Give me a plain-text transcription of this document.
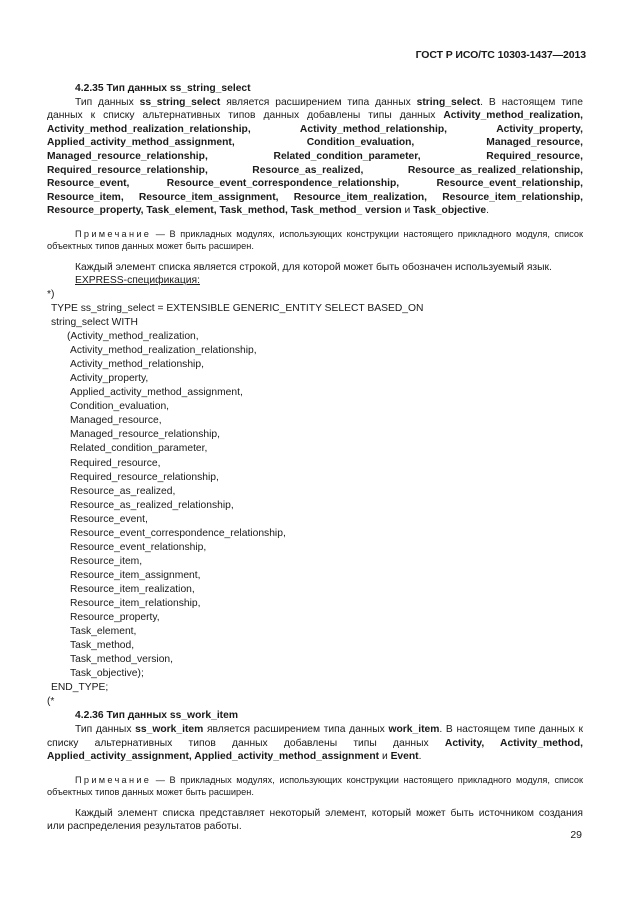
ГОСТ Р ИСО/ТС 10303-1437—2013

4.2.35 Тип данных ss_string_select

Тип данных ss_string_select является расширением типа данных string_select. В настоящем типе данных к списку альтернативных типов данных добавлены типы данных Activity_method_realization, Activity_method_realization_relationship, Activity_method_relationship, Activity_property, Applied_activity_method_assignment, Condition_evaluation, Managed_resource, Managed_resource_relationship, Related_condition_parameter, Required_resource, Required_resource_relationship, Resource_as_realized, Resource_as_realized_relationship, Resource_event, Resource_event_correspondence_relationship, Resource_event_relationship, Resource_item, Resource_item_assignment, Resource_item_realization, Resource_item_relationship, Resource_property, Task_element, Task_method, Task_method_ version и Task_objective.

Примечание — В прикладных модулях, использующих конструкции настоящего прикладного модуля, список объектных типов данных может быть расширен.

Каждый элемент списка является строкой, для которой может быть обозначен используемый язык.

EXPRESS-спецификация:

*)
TYPE ss_string_select = EXTENSIBLE GENERIC_ENTITY SELECT BASED_ON
string_select WITH
(Activity_method_realization,
Activity_method_realization_relationship,
Activity_method_relationship,
Activity_property,
Applied_activity_method_assignment,
Condition_evaluation,
Managed_resource,
Managed_resource_relationship,
Related_condition_parameter,
Required_resource,
Required_resource_relationship,
Resource_as_realized,
Resource_as_realized_relationship,
Resource_event,
Resource_event_correspondence_relationship,
Resource_event_relationship,
Resource_item,
Resource_item_assignment,
Resource_item_realization,
Resource_item_relationship,
Resource_property,
Task_element,
Task_method,
Task_method_version,
Task_objective);
END_TYPE;
(*

4.2.36 Тип данных ss_work_item

Тип данных ss_work_item является расширением типа данных work_item. В настоящем типе данных к списку альтернативных типов данных добавлены типы данных Activity, Activity_method, Applied_activity_assignment, Applied_activity_method_assignment и Event.

Примечание — В прикладных модулях, использующих конструкции настоящего прикладного модуля, список объектных типов данных может быть расширен.

Каждый элемент списка представляет некоторый элемент, который может быть источником создания или распределения результатов работы.

29
